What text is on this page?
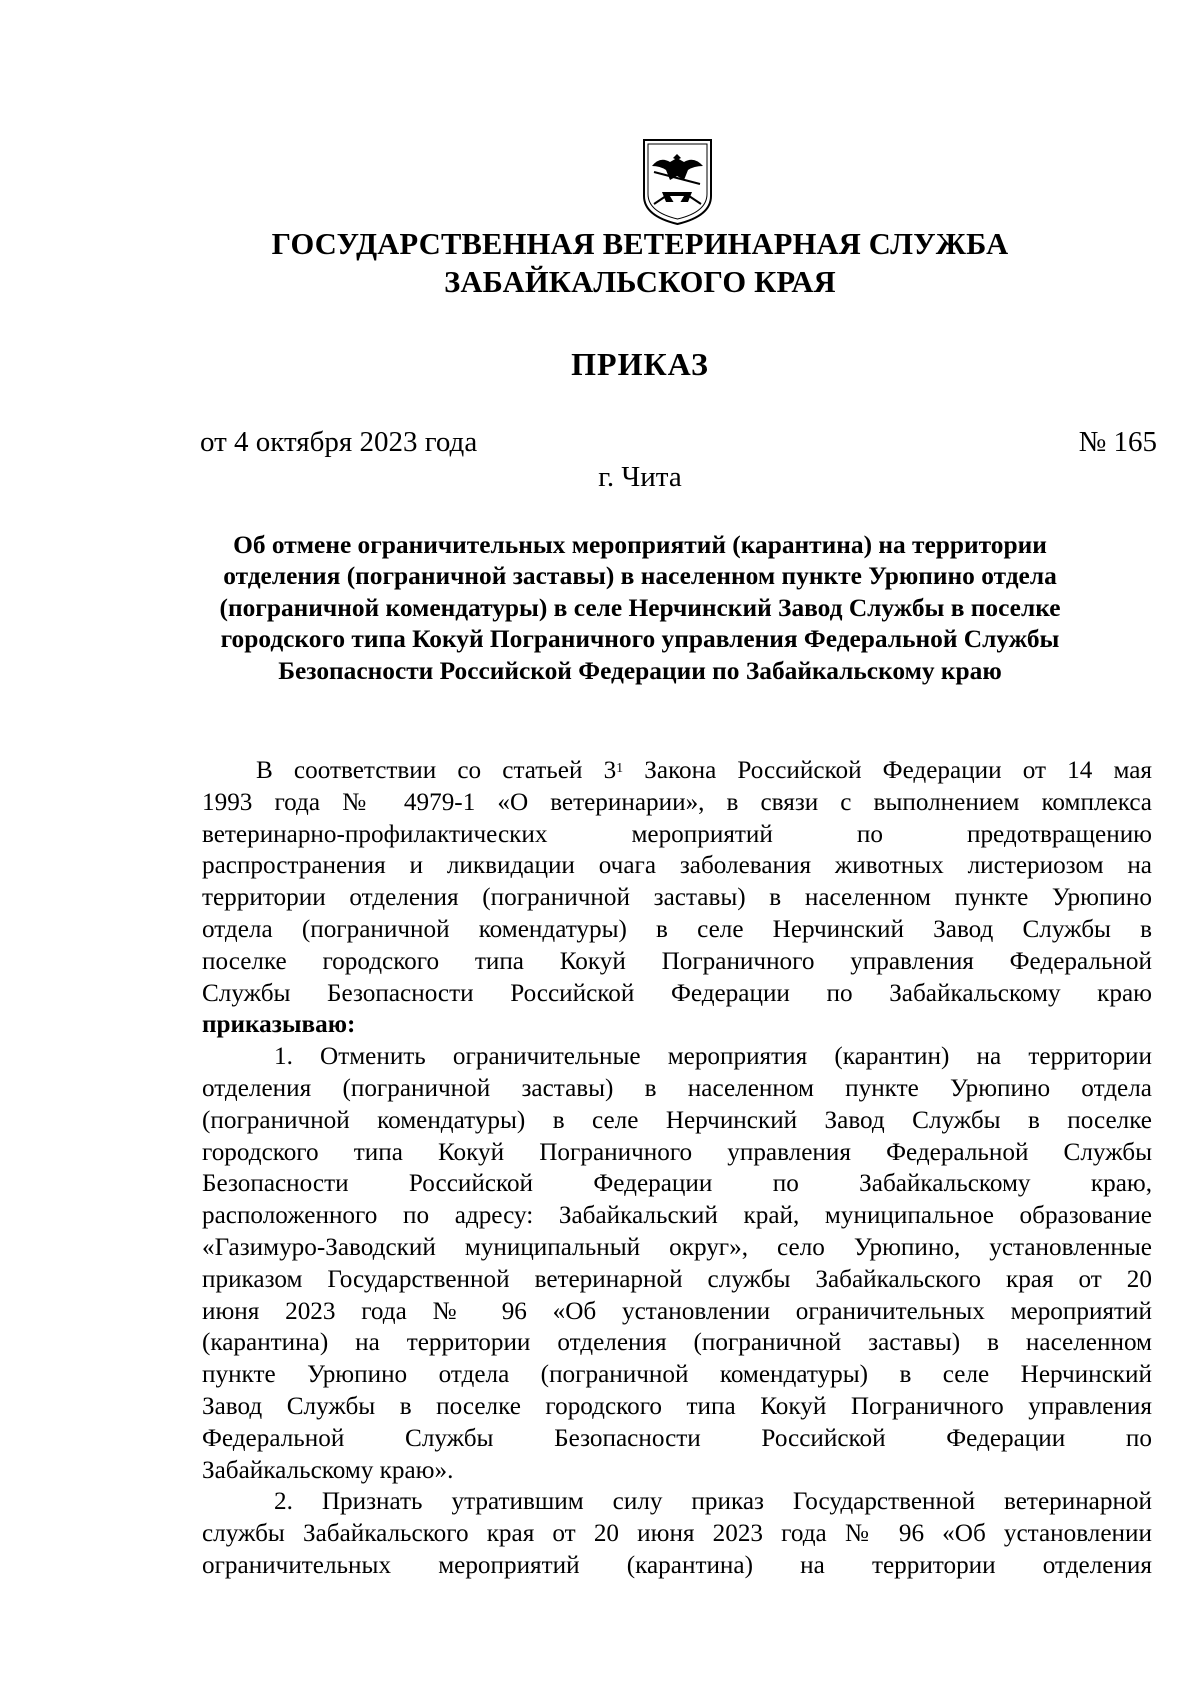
ГОСУДАРСТВЕННАЯ ВЕТЕРИНАРНАЯ СЛУЖБА
ЗАБАЙКАЛЬСКОГО КРАЯ
ПРИКАЗ
от 4 октября 2023 года	№ 165
г. Чита
Об отмене ограничительных мероприятий (карантина) на территории
отделения (пограничной заставы) в населенном пункте Урюпино отдела
(пограничной комендатуры) в селе Нерчинский Завод Службы в поселке
городского типа Кокуй Пограничного управления Федеральной Службы
Безопасности Российской Федерации по Забайкальскому краю
В соответствии со статьей $3^1$ Закона Российской Федерации от 14 мая
1993 года № 4979-1 «О ветеринарии», в связи с выполнением комплекса
ветеринарно-профилактических мероприятий по предотвращению
распространения и ликвидации очага заболевания животных листериозом на
территории отделения (пограничной заставы) в населенном пункте Урюпино
отдела (пограничной комендатуры) в селе Нерчинский Завод Службы в
поселке городского типа Кокуй Пограничного управления Федеральной
Службы Безопасности Российской Федерации по Забайкальскому краю
приказываю:
1. Отменить ограничительные мероприятия (карантин) на территории
отделения (пограничной заставы) в населенном пункте Урюпино отдела
(пограничной комендатуры) в селе Нерчинский Завод Службы в поселке
городского типа Кокуй Пограничного управления Федеральной Службы
Безопасности Российской Федерации по Забайкальскому краю,
расположенного по адресу: Забайкальский край, муниципальное образование
«Газимуро-Заводский муниципальный округ», село Урюпино, установленные
приказом Государственной ветеринарной службы Забайкальского края от 20
июня 2023 года № 96 «Об установлении ограничительных мероприятий
(карантина) на территории отделения (пограничной заставы) в населенном
пункте Урюпино отдела (пограничной комендатуры) в селе Нерчинский
Завод Службы в поселке городского типа Кокуй Пограничного управления
Федеральной Службы Безопасности Российской Федерации по
Забайкальскому краю».
2. Признать утратившим силу приказ Государственной ветеринарной
службы Забайкальского края от 20 июня 2023 года № 96 «Об установлении
ограничительных мероприятий (карантина) на территории отделения
